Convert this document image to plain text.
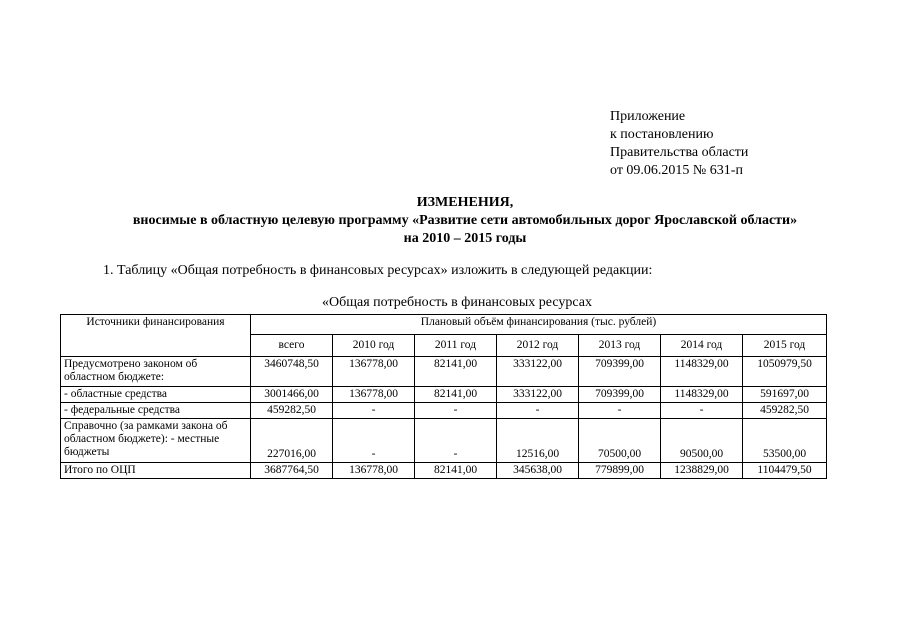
Приложение
к постановлению
Правительства области
от 09.06.2015 № 631-п
ИЗМЕНЕНИЯ,
вносимые в областную целевую программу «Развитие сети автомобильных дорог Ярославской области»
на 2010 – 2015 годы
1. Таблицу «Общая потребность в финансовых ресурсах» изложить в следующей редакции:
«Общая потребность в финансовых ресурсах
Источники финансирования	Плановый объём финансирования (тыс. рублей)						
	всего	2010 год	2011 год	2012 год	2013 год	2014 год	2015 год
Предусмотрено законом об областном бюджете:	3460748,50	136778,00	82141,00	333122,00	709399,00	1148329,00	1050979,50
- областные средства	3001466,00	136778,00	82141,00	333122,00	709399,00	1148329,00	591697,00
- федеральные средства	459282,50	-	-	-	-	-	459282,50
Справочно (за рамками закона об областном бюджете): - местные бюджеты	227016,00	-	-	12516,00	70500,00	90500,00	53500,00
Итого по ОЦП	3687764,50	136778,00	82141,00	345638,00	779899,00	1238829,00	1104479,50
